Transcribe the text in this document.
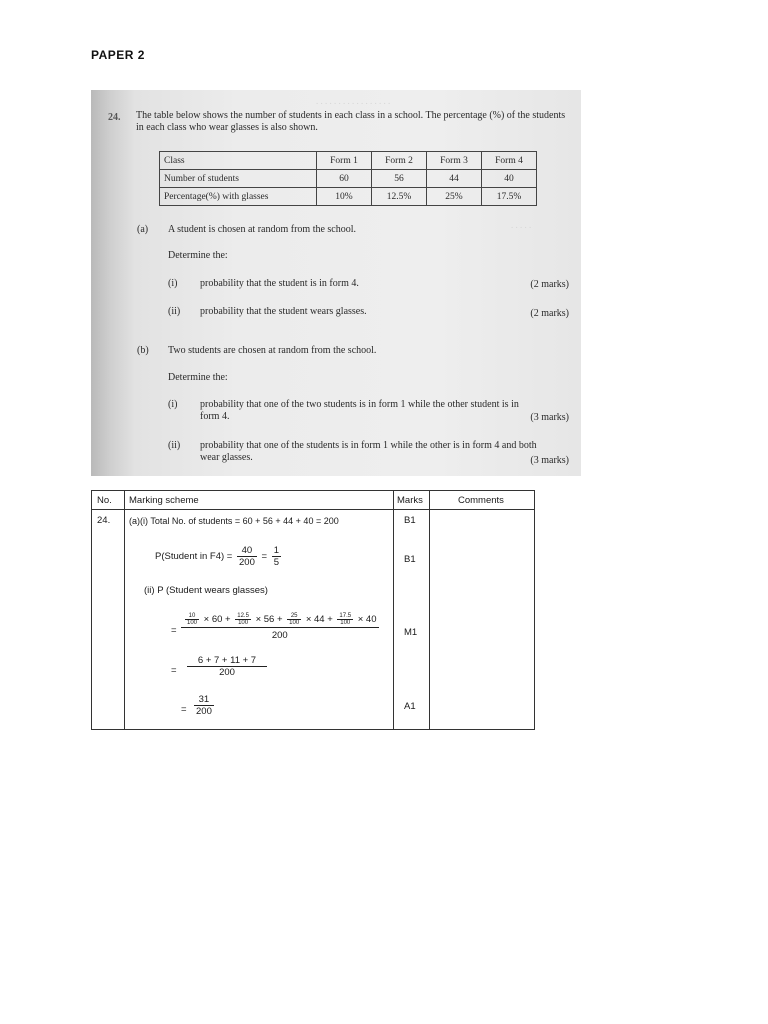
PAPER 2
. . . . . . . . . . . . . . . . .
. . . . .
24. The table below shows the number of students in each class in a school. The percentage (%) of the students in each class who wear glasses is also shown.
Class	Form 1	Form 2	Form 3	Form 4
Number of students	60	56	44	40
Percentage(%) with glasses	10%	12.5%	25%	17.5%
(a) A student is chosen at random from the school.
Determine the:
(i) probability that the student is in form 4.	(2 marks)
(ii) probability that the student wears glasses.	(2 marks)
(b) Two students are chosen at random from the school.
Determine the:
(i) probability that one of the two students is in form 1 while the other student is in
form 4.	(3 marks)
(ii) probability that one of the students is in form 1 while the other is in form 4 and both
wear glasses.	(3 marks)
No. Marking scheme	Marks	Comments
24. (a)(i) Total No. of students = 60 + 56 + 44 + 40 = 200	B1
P(Student in $F4) = \frac{40}{200} = \frac{1}{5}$	B1
(ii) P (Student wears glasses)
$\frac{10}{100} \times 60 + \frac{12.5}{100} \times 56 + \frac{25}{100} \times 44 + \frac{17.5}{100} \times 40$
200
=	M1
= $\frac{6 + 7 + 11 + 7}{200}$
= $\frac{31}{200}$	A1
